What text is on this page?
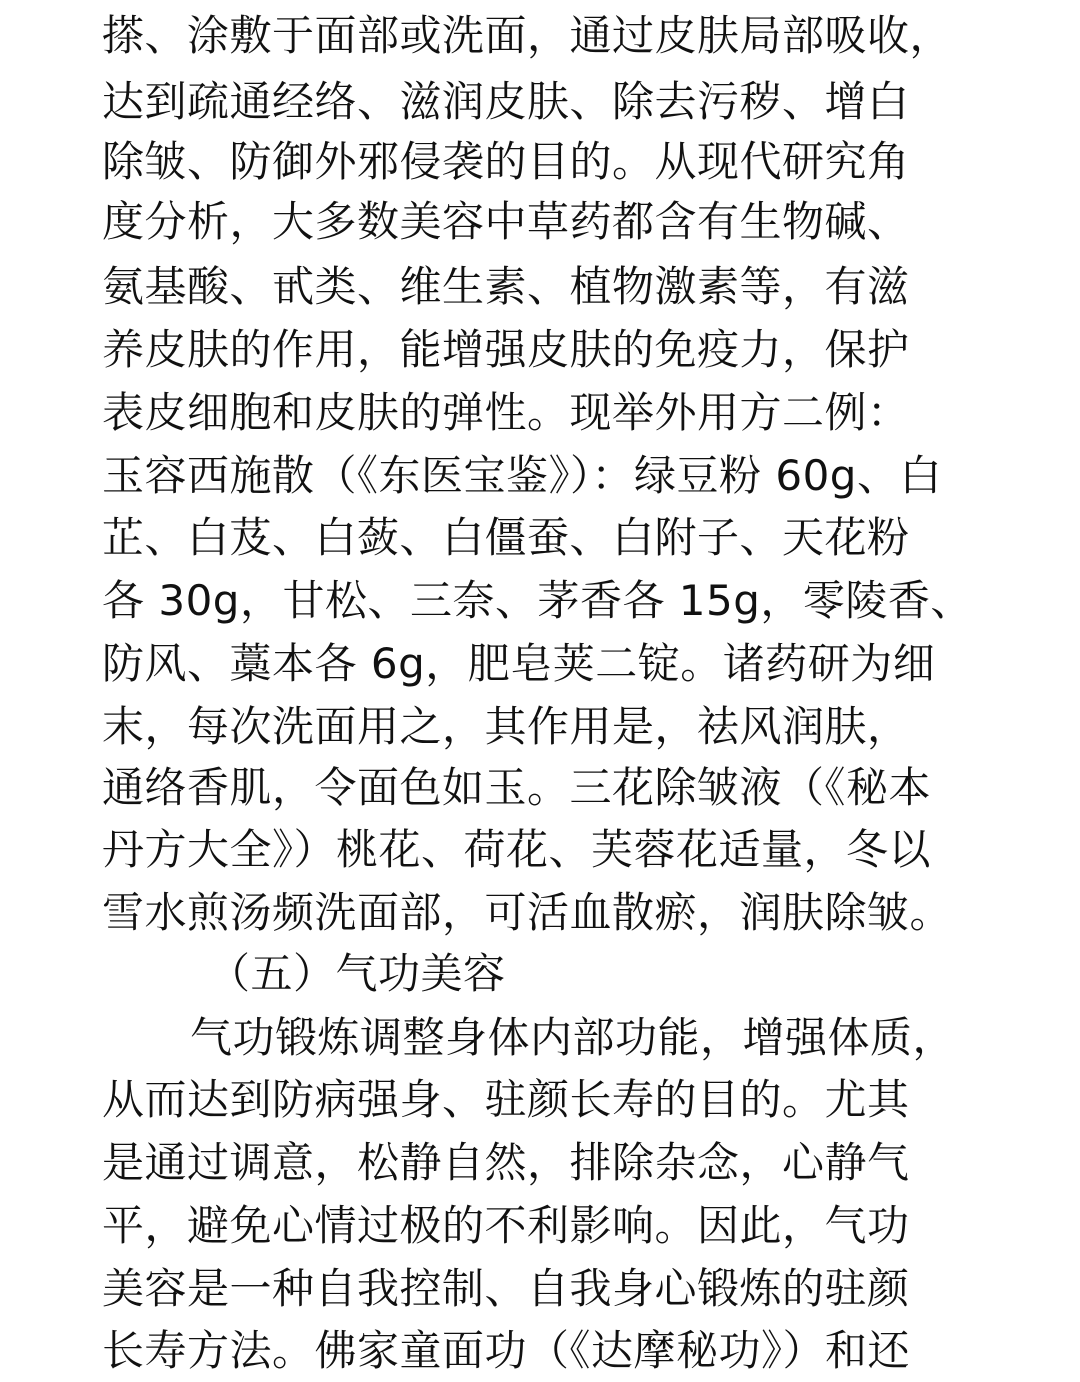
搽、涂敷于面部或洗面，通过皮肤局部吸收，
达到疏通经络、滋润皮肤、除去污秽、增白
除皱、防御外邪侵袭的目的。从现代研究角
度分析，大多数美容中草药都含有生物碱、
氨基酸、甙类、维生素、植物激素等，有滋
养皮肤的作用，能增强皮肤的免疫力，保护
表皮细胞和皮肤的弹性。现举外用方二例：
玉容西施散（《东医宝鉴》）：绿豆粉 60g、白
芷、白芨、白蔹、白僵蚕、白附子、天花粉
各 30g，甘松、三奈、茅香各 15g，零陵香、
防风、藁本各 6g，肥皂荚二锭。诸药研为细
末，每次洗面用之，其作用是，祛风润肤，
通络香肌，令面色如玉。三花除皱液（《秘本
丹方大全》）桃花、荷花、芙蓉花适量，冬以
雪水煎汤频洗面部，可活血散瘀，润肤除皱。
（五）气功美容
气功锻炼调整身体内部功能，增强体质，
从而达到防病强身、驻颜长寿的目的。尤其
是通过调意，松静自然，排除杂念，心静气
平，避免心情过极的不利影响。因此，气功
美容是一种自我控制、自我身心锻炼的驻颜
长寿方法。佛家童面功（《达摩秘功》）和还
